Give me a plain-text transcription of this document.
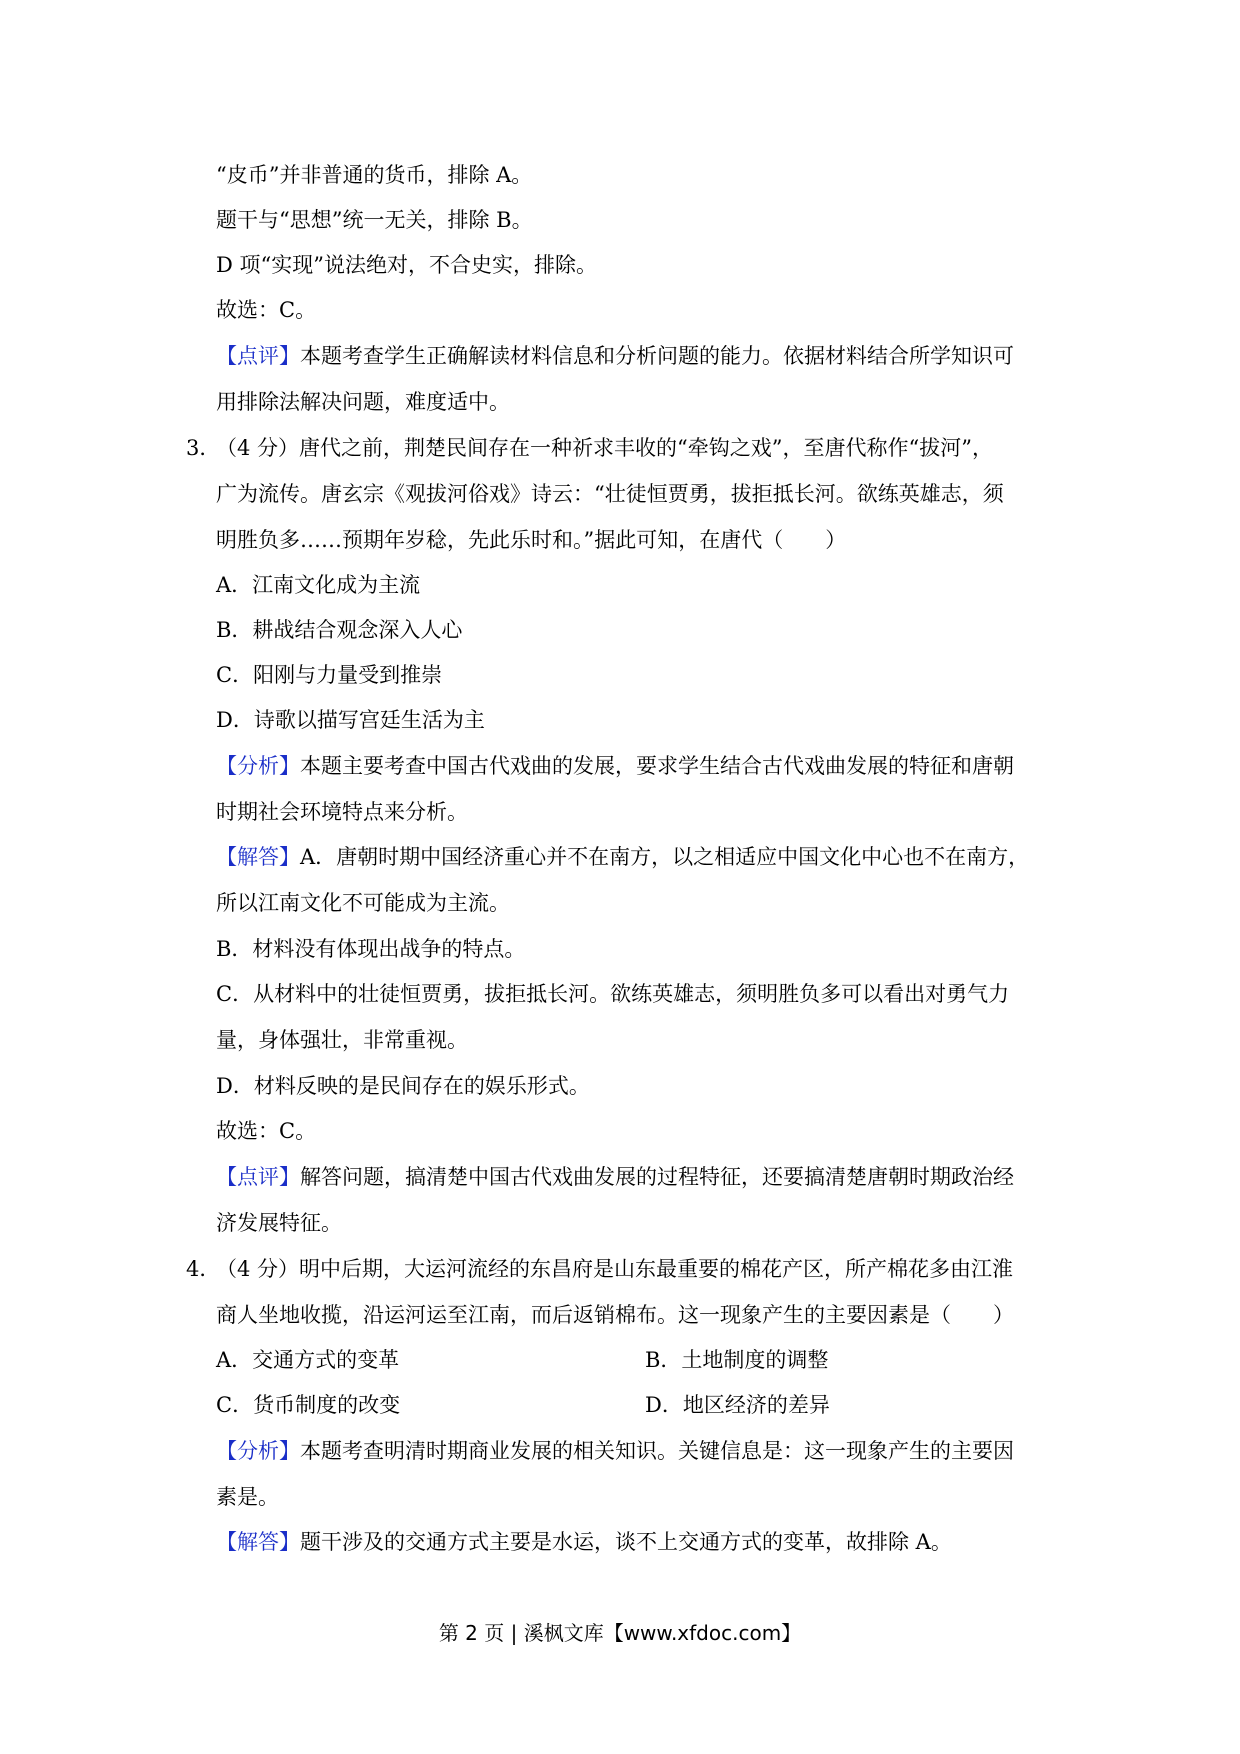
“皮币”并非普通的货币，排除 A。
题干与“思想”统一无关，排除 B。
D 项“实现”说法绝对，不合史实，排除。
故选：C。
【点评】本题考查学生正确解读材料信息和分析问题的能力。依据材料结合所学知识可
用排除法解决问题，难度适中。
3．
（4 分）唐代之前，荆楚民间存在一种祈求丰收的“牵钩之戏”，至唐代称作“拔河”，
广为流传。唐玄宗《观拔河俗戏》诗云：“壮徒恒贾勇，拔拒抵长河。欲练英雄志，须
明胜负多……预期年岁稔，先此乐时和。”据此可知，在唐代（　　）
A．江南文化成为主流
B．耕战结合观念深入人心
C．阳刚与力量受到推崇
D．诗歌以描写宫廷生活为主
【分析】本题主要考查中国古代戏曲的发展，要求学生结合古代戏曲发展的特征和唐朝
时期社会环境特点来分析。
【解答】A．唐朝时期中国经济重心并不在南方，以之相适应中国文化中心也不在南方，
所以江南文化不可能成为主流。
B．材料没有体现出战争的特点。
C．从材料中的壮徒恒贾勇，拔拒抵长河。欲练英雄志，须明胜负多可以看出对勇气力
量，身体强壮，非常重视。
D．材料反映的是民间存在的娱乐形式。
故选：C。
【点评】解答问题，搞清楚中国古代戏曲发展的过程特征，还要搞清楚唐朝时期政治经
济发展特征。
4．
（4 分）明中后期，大运河流经的东昌府是山东最重要的棉花产区，所产棉花多由江淮
商人坐地收揽，沿运河运至江南，而后返销棉布。这一现象产生的主要因素是（　　）
A．交通方式的变革	B．土地制度的调整
C．货币制度的改变	D．地区经济的差异
【分析】本题考查明清时期商业发展的相关知识。关键信息是：这一现象产生的主要因
素是。
【解答】题干涉及的交通方式主要是水运，谈不上交通方式的变革，故排除 A。
第 2 页 | 溪枫文库【www.xfdoc.com】
